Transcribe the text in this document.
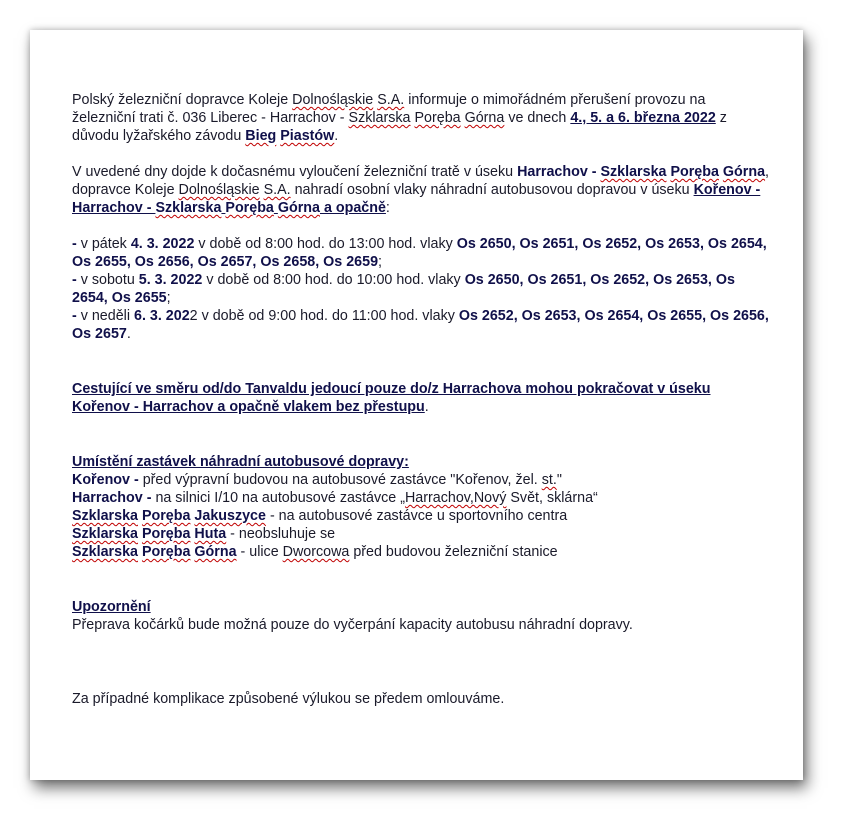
Polský železniční dopravce Koleje Dolnośląskie S.A. informuje o mimořádném přerušení provozu na železniční trati č. 036 Liberec - Harrachov - Szklarska Poręba Górna ve dnech 4., 5. a 6. března 2022 z důvodu lyžařského závodu Bieg Piastów.

V uvedené dny dojde k dočasnému vyloučení železniční tratě v úseku Harrachov - Szklarska Poręba Górna, dopravce Koleje Dolnośląskie S.A. nahradí osobní vlaky náhradní autobusovou dopravou v úseku Kořenov - Harrachov - Szklarska Poręba Górna a opačně:

- v pátek 4. 3. 2022 v době od 8:00 hod. do 13:00 hod. vlaky Os 2650, Os 2651, Os 2652, Os 2653, Os 2654, Os 2655, Os 2656, Os 2657, Os 2658, Os 2659;

- v sobotu 5. 3. 2022 v době od 8:00 hod. do 10:00 hod. vlaky Os 2650, Os 2651, Os 2652, Os 2653, Os 2654, Os 2655;

- v neděli 6. 3. 2022 v době od 9:00 hod. do 11:00 hod. vlaky Os 2652, Os 2653, Os 2654, Os 2655, Os 2656, Os 2657.

Cestující ve směru od/do Tanvaldu jedoucí pouze do/z Harrachova mohou pokračovat v úseku Kořenov - Harrachov a opačně vlakem bez přestupu.

Umístění zastávek náhradní autobusové dopravy:

Kořenov - před výpravní budovou na autobusové zastávce "Kořenov, žel. st."

Harrachov - na silnici I/10 na autobusové zastávce „Harrachov,Nový Svět, sklárna“

Szklarska Poręba Jakuszyce - na autobusové zastávce u sportovního centra

Szklarska Poręba Huta - neobsluhuje se

Szklarska Poręba Górna - ulice Dworcowa před budovou železniční stanice

Upozornění

Přeprava kočárků bude možná pouze do vyčerpání kapacity autobusu náhradní dopravy.

Za případné komplikace způsobené výlukou se předem omlouváme.
